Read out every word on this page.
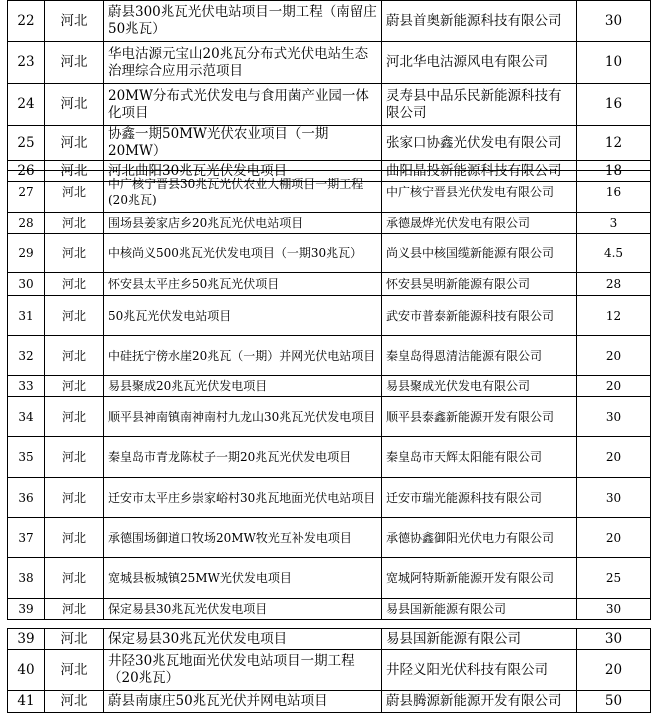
22	河北	蔚县300兆瓦光伏电站项目一期工程（南留庄50兆瓦）	蔚县首奥新能源科技有限公司	30
23	河北	华电沽源元宝山20兆瓦分布式光伏电站生态治理综合应用示范项目	河北华电沽源风电有限公司	10
24	河北	20MW分布式光伏发电与食用菌产业园一体化项目	灵寿县中品乐民新能源科技有限公司	16
25	河北	协鑫一期50MW光伏农业项目（一期20MW）	张家口协鑫光伏发电有限公司	12
26	河北	河北曲阳30兆瓦光伏发电项目	曲阳晶投新能源科技有限公司	18
27	河北	中广核宁晋县30兆瓦光伏农业大棚项目一期工程(20兆瓦)	中广核宁晋县光伏发电有限公司	16
28	河北	围场县姜家店乡20兆瓦光伏电站项目	承德晟烨光伏发电有限公司	3
29	河北	中核尚义500兆瓦光伏发电项目（一期30兆瓦）	尚义县中核国缆新能源有限公司	4.5
30	河北	怀安县太平庄乡50兆瓦光伏项目	怀安县昊明新能源有限公司	28
31	河北	50兆瓦光伏发电站项目	武安市普泰新能源科技有限公司	12
32	河北	中硅抚宁傍水崖20兆瓦（一期）并网光伏电站项目	秦皇岛得恩清洁能源有限公司	20
33	河北	易县聚成20兆瓦光伏发电项目	易县聚成光伏发电有限公司	20
34	河北	顺平县神南镇南神南村九龙山30兆瓦光伏发电项目	顺平县泰鑫新能源开发有限公司	30
35	河北	秦皇岛市青龙陈杖子一期20兆瓦光伏发电项目	秦皇岛市天辉太阳能有限公司	20
36	河北	迁安市太平庄乡崇家峪村30兆瓦地面光伏电站项目	迁安市瑞光能源科技有限公司	30
37	河北	承德围场御道口牧场20MW牧光互补发电项目	承德协鑫御阳光伏电力有限公司	20
38	河北	宽城县板城镇25MW光伏发电项目	宽城阿特斯新能源开发有限公司	25
39	河北	保定易县30兆瓦光伏发电项目	易县国新能源有限公司	30
39	河北	保定易县30兆瓦光伏发电项目	易县国新能源有限公司	30
40	河北	井陉30兆瓦地面光伏发电站项目一期工程（20兆瓦）	井陉义阳光伏科技有限公司	20
41	河北	蔚县南康庄50兆瓦光伏并网电站项目	蔚县腾源新能源开发有限公司	50
